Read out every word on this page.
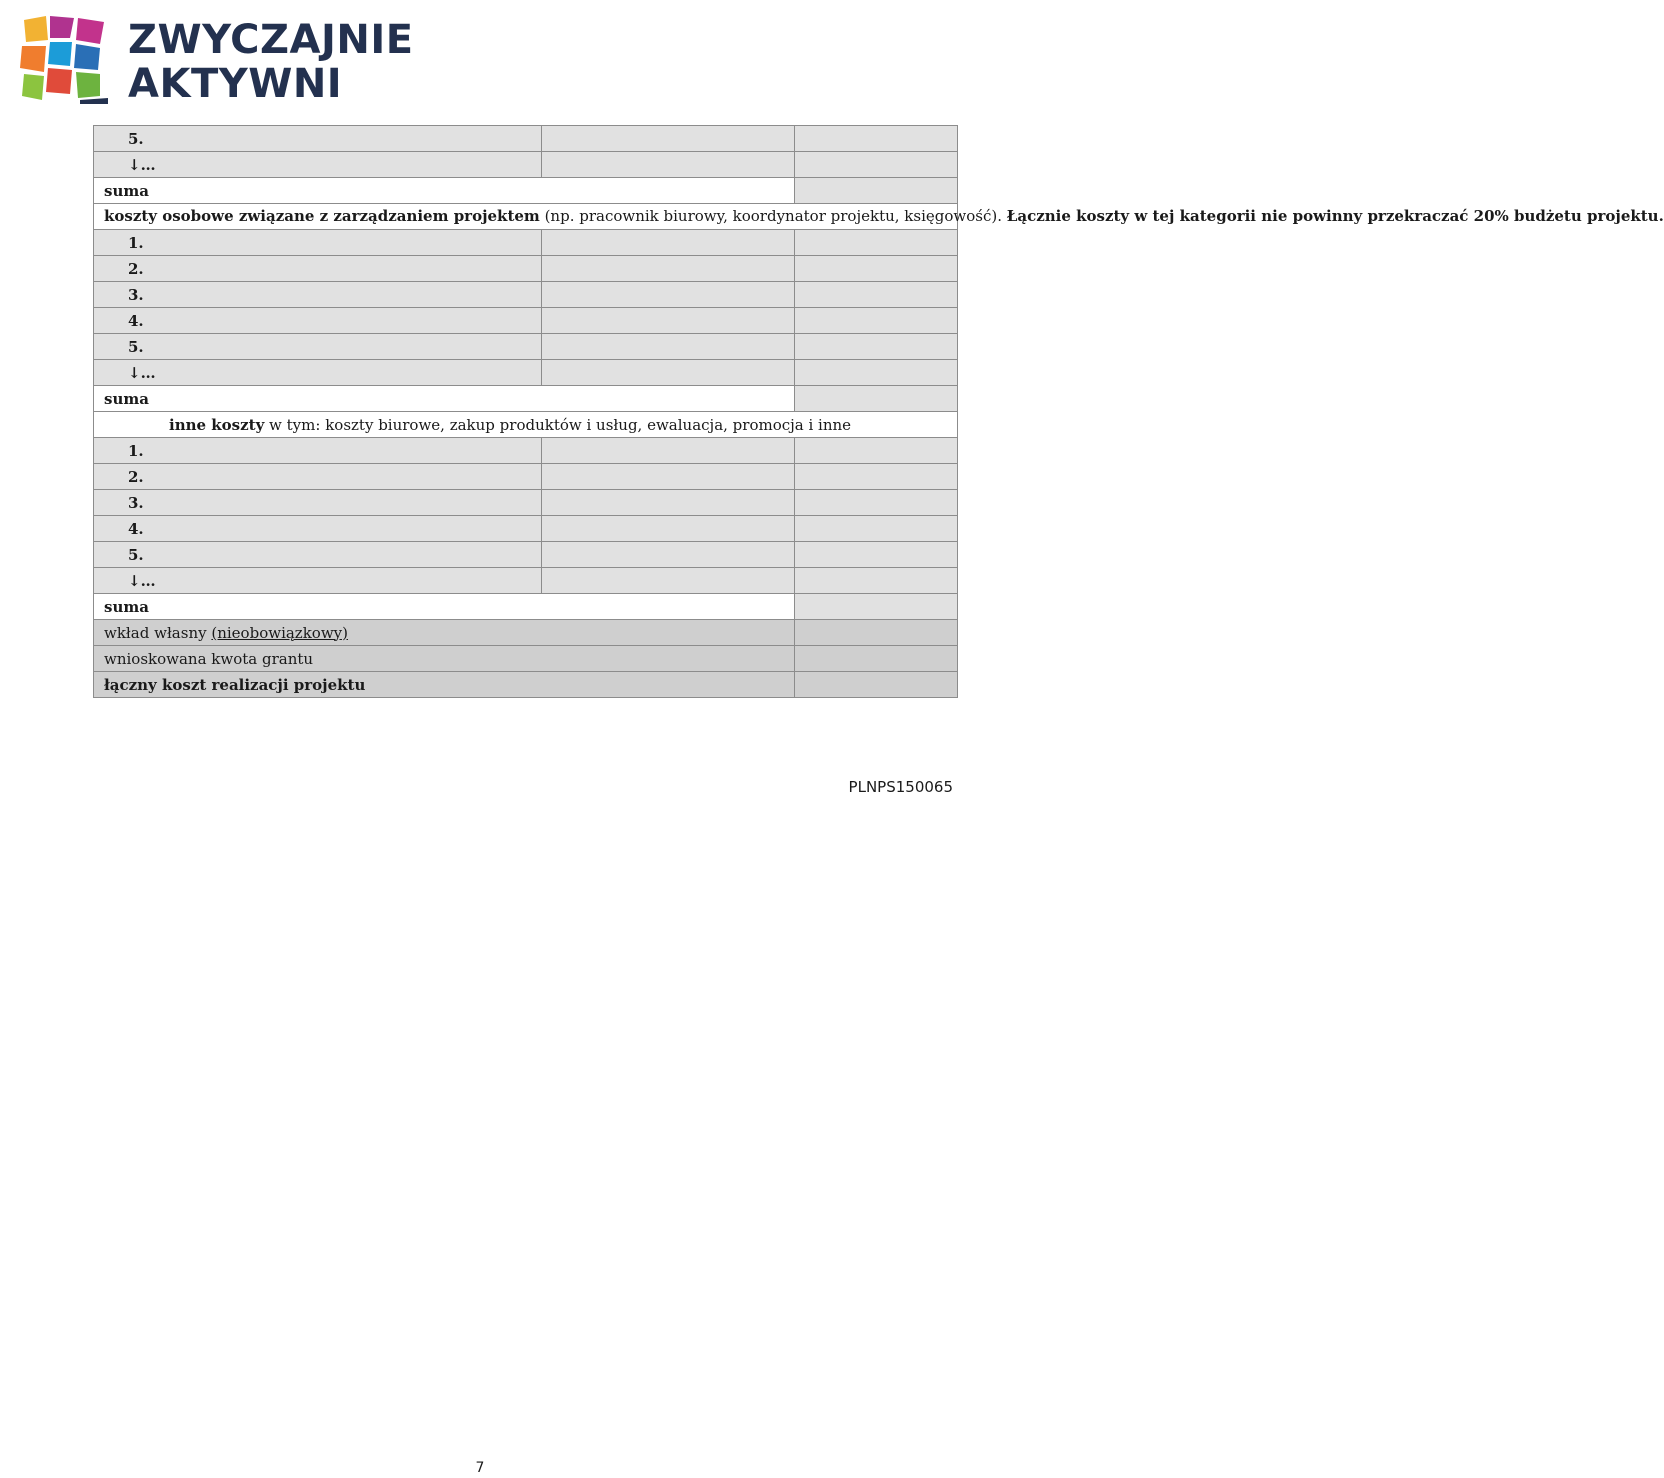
ZWYCZAJNIE
AKTYWNI
5.		
↓…		
suma		
koszty osobowe związane z zarządzaniem projektem (np. pracownik biurowy, koordynator projektu, księgowość). Łącznie koszty w tej kategorii nie powinny przekraczać 20% budżetu projektu.		
1.		
2.		
3.		
4.		
5.		
↓…		
suma		
inne koszty w tym: koszty biurowe, zakup produktów i usług, ewaluacja, promocja i inne		
1.		
2.		
3.		
4.		
5.		
↓…		
suma		
wkład własny (nieobowiązkowy)		
wnioskowana kwota grantu		
łączny koszt realizacji projektu		
PLNPS150065
7
